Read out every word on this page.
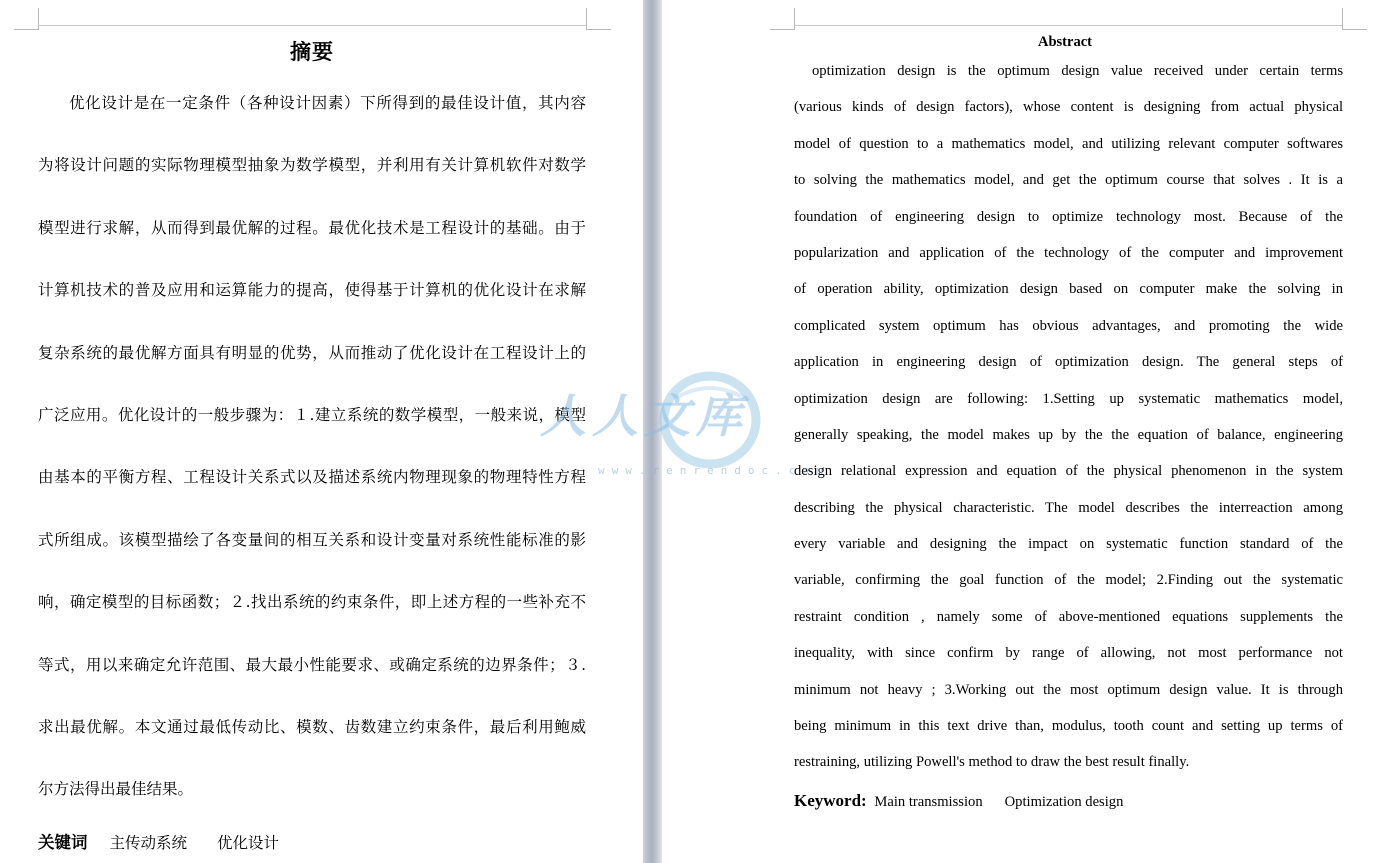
摘要
优化设计是在一定条件（各种设计因素）下所得到的最佳设计值，其内容
为将设计问题的实际物理模型抽象为数学模型，并利用有关计算机软件对数学
模型进行求解，从而得到最优解的过程。最优化技术是工程设计的基础。由于
计算机技术的普及应用和运算能力的提高，使得基于计算机的优化设计在求解
复杂系统的最优解方面具有明显的优势，从而推动了优化设计在工程设计上的
广泛应用。优化设计的一般步骤为：１.建立系统的数学模型，一般来说，模型
由基本的平衡方程、工程设计关系式以及描述系统内物理现象的物理特性方程
式所组成。该模型描绘了各变量间的相互关系和设计变量对系统性能标准的影
响，确定模型的目标函数；２.找出系统的约束条件，即上述方程的一些补充不
等式，用以来确定允许范围、最大最小性能要求、或确定系统的边界条件；３.
求出最优解。本文通过最低传动比、模数、齿数建立约束条件，最后利用鲍威
尔方法得出最佳结果。
关键词 主传动系统 优化设计
Abstract
optimization design is the optimum design value received under certain terms
(various kinds of design factors), whose content is designing from actual physical
model of question to a mathematics model, and utilizing relevant computer softwares
to solving the mathematics model, and get the optimum course that solves . It is a
foundation of engineering design to optimize technology most. Because of the
popularization and application of the technology of the computer and improvement
of operation ability, optimization design based on computer make the solving in
complicated system optimum has obvious advantages, and promoting the wide
application in engineering design of optimization design. The general steps of
optimization design are following: 1.Setting up systematic mathematics model,
generally speaking, the model makes up by the the equation of balance, engineering
design relational expression and equation of the physical phenomenon in the system
describing the physical characteristic. The model describes the interreaction among
every variable and designing the impact on systematic function standard of the
variable, confirming the goal function of the model; 2.Finding out the systematic
restraint condition , namely some of above-mentioned equations supplements the
inequality, with since confirm by range of allowing, not most performance not
minimum not heavy ; 3.Working out the most optimum design value. It is through
being minimum in this text drive than, modulus, tooth count and setting up terms of
restraining, utilizing Powell's method to draw the best result finally.
Keyword: Main transmission Optimization design
人人文库
www.renrendoc.com
